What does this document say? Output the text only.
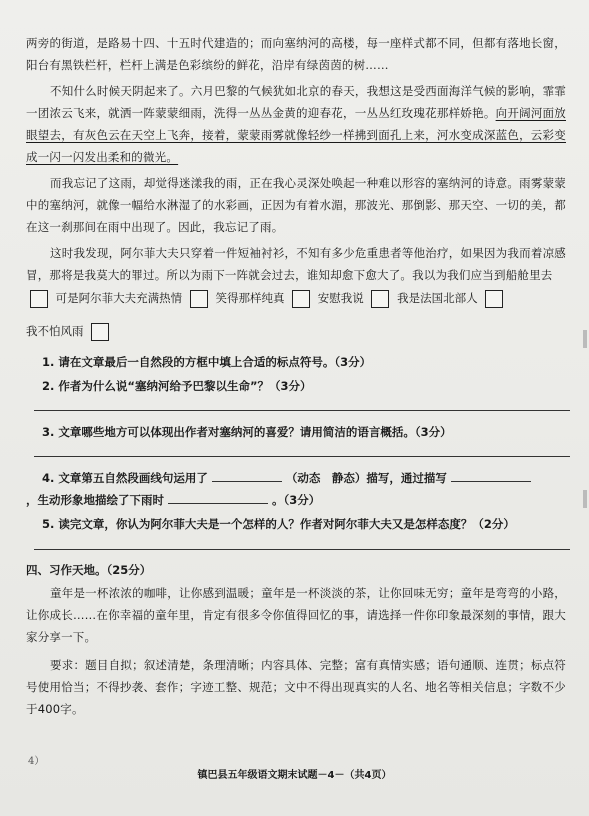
两旁的街道，是路易十四、十五时代建造的；而向塞纳河的高楼，每一座样式都不同，但都有落地长窗，阳台有黑铁栏杆，栏杆上满是色彩缤纷的鲜花，沿岸有绿茵茵的树……
不知什么时候天阴起来了。六月巴黎的气候犹如北京的春天，我想这是受西面海洋气候的影响，霏霏一团浓云飞来，就洒一阵蒙蒙细雨，洗得一丛丛金黄的迎春花，一丛丛红玫瑰花那样娇艳。向开阔河面放眼望去，有灰色云在天空上飞奔，接着，蒙蒙雨雾就像轻纱一样拂到面孔上来，河水变成深蓝色，云彩变成一闪一闪发出柔和的微光。
而我忘记了这雨，却觉得迷漾我的雨，正在我心灵深处唤起一种难以形容的塞纳河的诗意。雨雾蒙蒙中的塞纳河，就像一幅给水淋湿了的水彩画，正因为有着水湄，那波光、那倒影、那天空、一切的美，都在这一刹那间在雨中出现了。因此，我忘记了雨。
这时我发现，阿尔菲大夫只穿着一件短袖衬衫，不知有多少危重患者等他治疗，如果因为我而着凉感冒，那将是我莫大的罪过。所以为雨下一阵就会过去，谁知却愈下愈大了。我以为我们应当到船舱里去
可是阿尔菲大夫充满热情	笑得那样纯真	安慰我说	我是法国北部人
我不怕风雨
1. 请在文章最后一自然段的方框中填上合适的标点符号。（3分）
2. 作者为什么说“塞纳河给予巴黎以生命”？（3分）
3. 文章哪些地方可以体现出作者对塞纳河的喜爱？请用简洁的语言概括。（3分）
4. 文章第五自然段画线句运用了	（动态　静态）描写，通过描写
，生动形象地描绘了下雨时	。（3分）
5. 读完文章，你认为阿尔菲大夫是一个怎样的人？作者对阿尔菲大夫又是怎样态度？（2分）
四、习作天地。（25分）
童年是一杯浓浓的咖啡，让你感到温暖；童年是一杯淡淡的茶，让你回味无穷；童年是弯弯的小路，让你成长……在你幸福的童年里，肯定有很多令你值得回忆的事，请选择一件你印象最深刻的事情，跟大家分享一下。
要求：题目自拟；叙述清楚，条理清晰；内容具体、完整；富有真情实感；语句通顺、连贯；标点符号使用恰当；不得抄袭、套作；字迹工整、规范；文中不得出现真实的人名、地名等相关信息；字数不少于400字。
4）
镇巴县五年级语文期末试题－4－（共4页）
